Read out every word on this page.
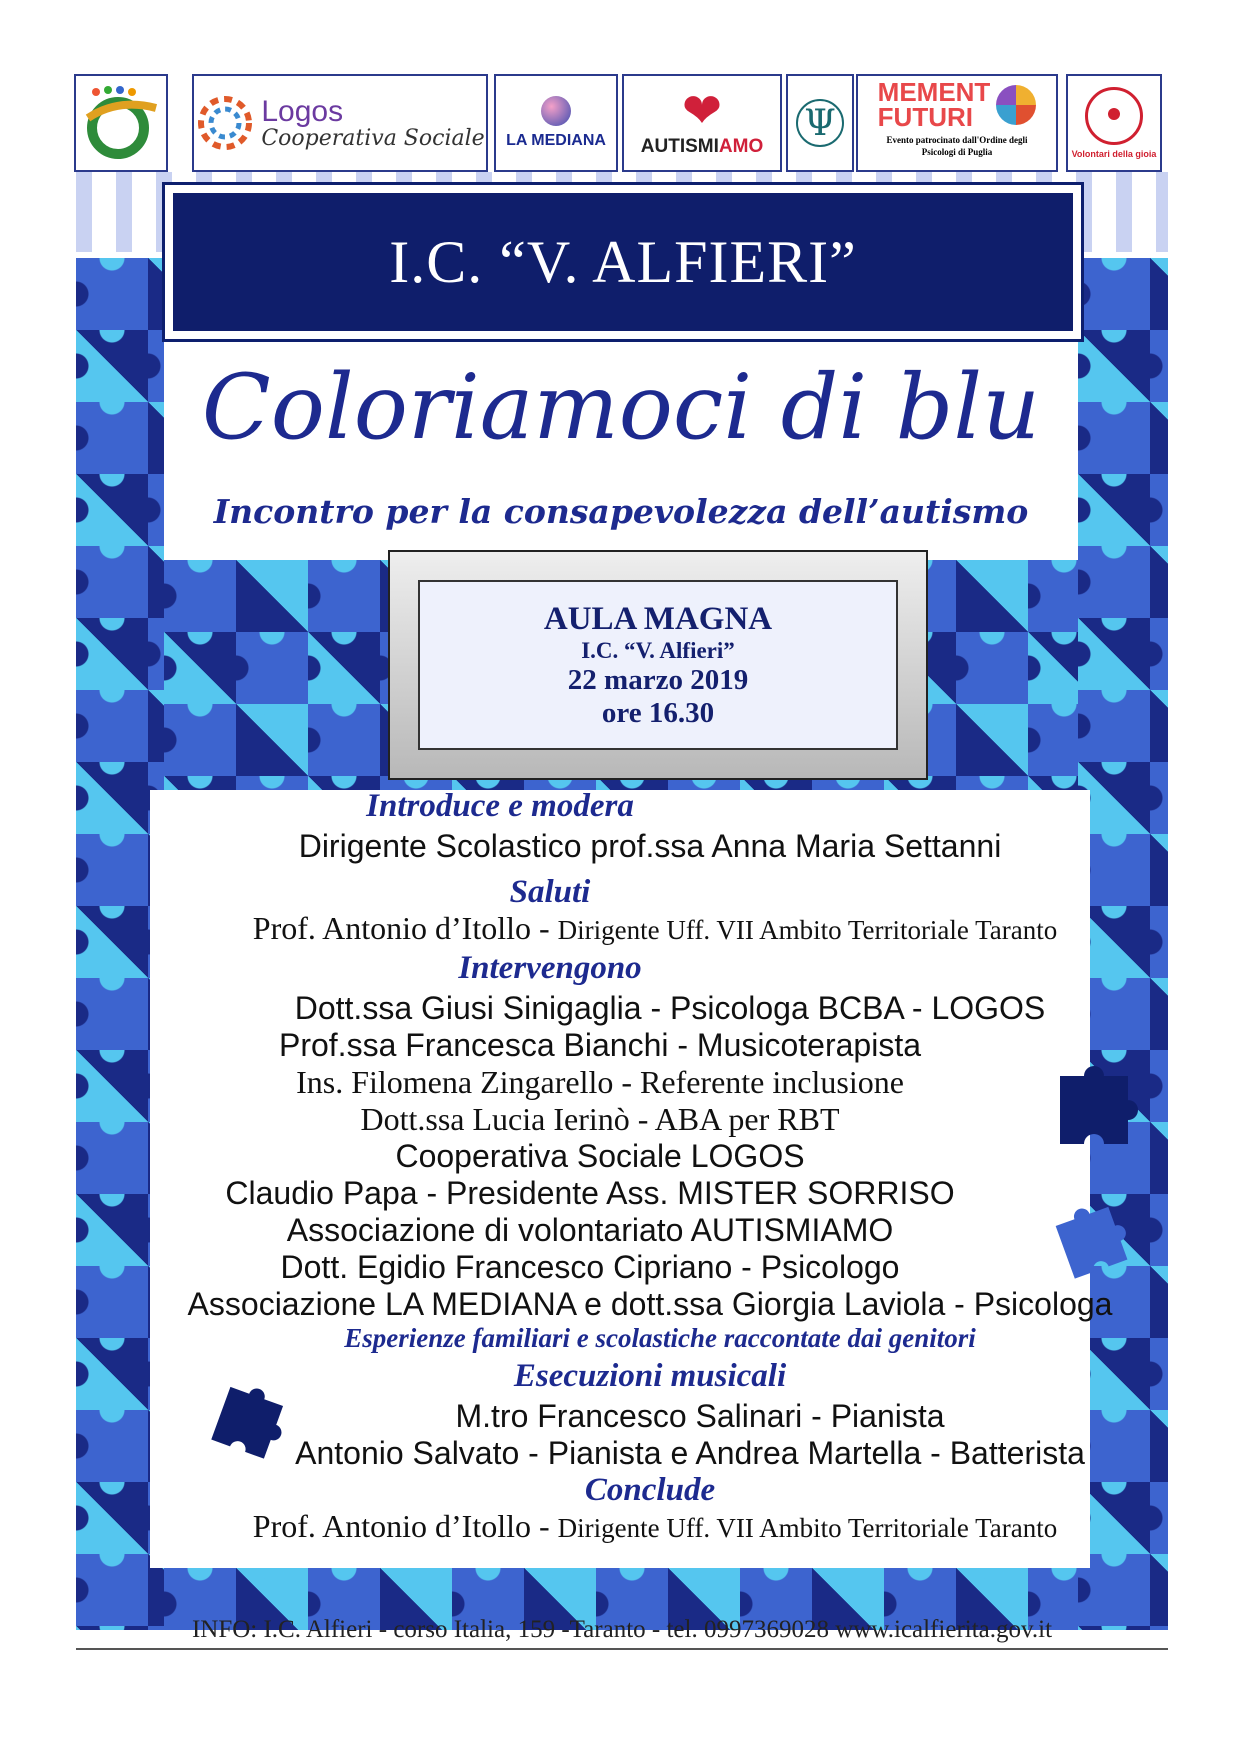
Logos
Cooperativa Sociale LA MEDIANA
❤
AUTISMIAMO
Ψ
MEMENT
FUTURI
Evento patrocinato dall'Ordine degli Psicologi di Puglia	Volontari della gioia
I.C. “V. ALFIERI”
Coloriamoci di blu
Incontro per la consapevolezza dell’autismo
AULA MAGNA
I.C. “V. Alfieri”
22 marzo 2019
ore 16.30
Introduce e modera
Dirigente Scolastico prof.ssa Anna Maria Settanni
Saluti
Prof. Antonio d’Itollo - Dirigente Uff. VII Ambito Territoriale Taranto
Intervengono
Dott.ssa Giusi Sinigaglia - Psicologa BCBA - LOGOS
Prof.ssa Francesca Bianchi - Musicoterapista
Ins. Filomena Zingarello - Referente inclusione
Dott.ssa Lucia Ierinò - ABA per RBT
Cooperativa Sociale LOGOS
Claudio Papa - Presidente Ass. MISTER SORRISO
Associazione di volontariato AUTISMIAMO
Dott. Egidio Francesco Cipriano - Psicologo
Associazione LA MEDIANA e dott.ssa Giorgia Laviola - Psicologa
Esperienze familiari e scolastiche raccontate dai genitori
Esecuzioni musicali
M.tro Francesco Salinari - Pianista
Antonio Salvato - Pianista e Andrea Martella - Batterista
Conclude
Prof. Antonio d’Itollo - Dirigente Uff. VII Ambito Territoriale Taranto
INFO: I.C. Alfieri - corso Italia, 159 -Taranto - tel. 0997369028 www.icalfierita.gov.it
